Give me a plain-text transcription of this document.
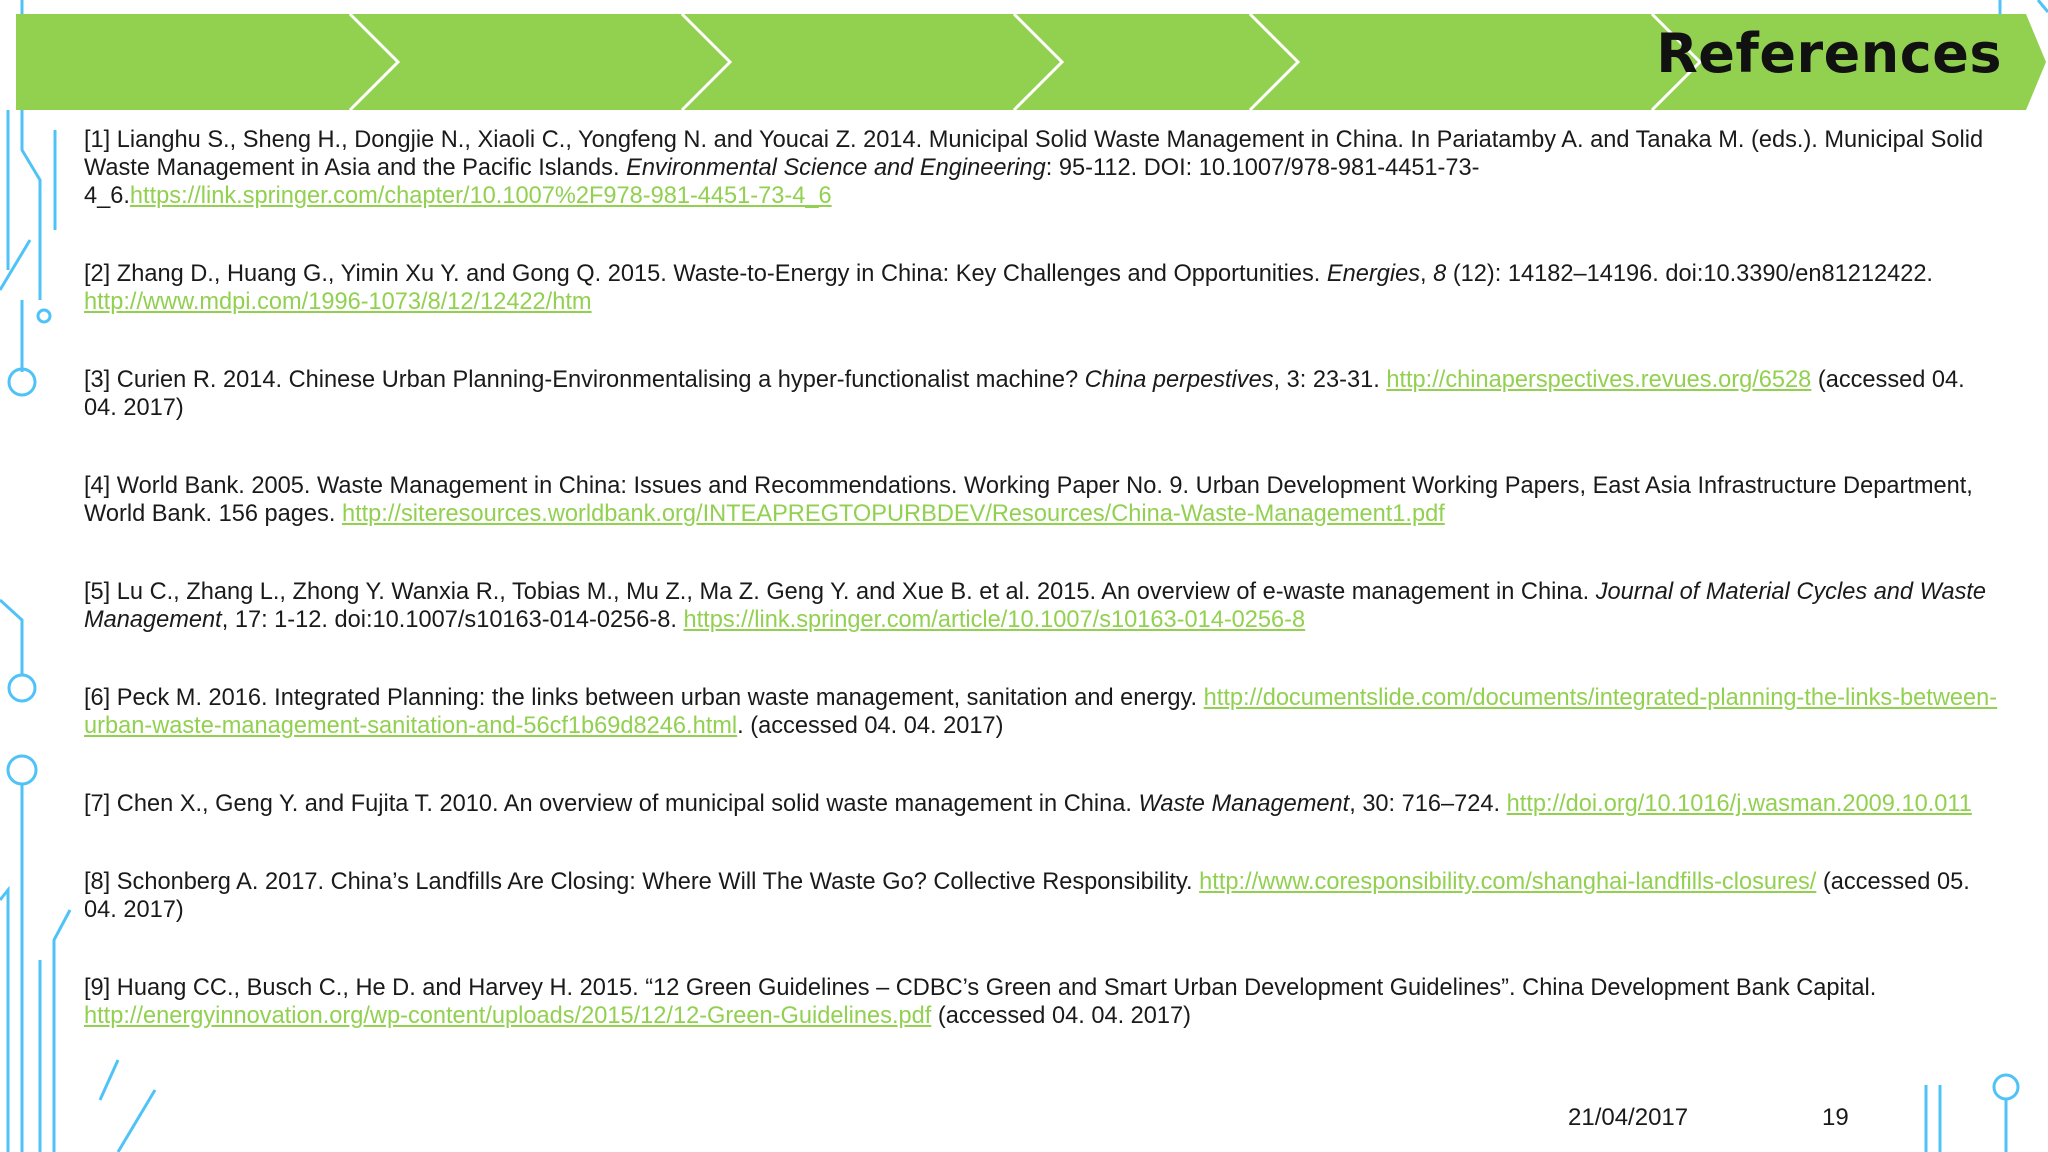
References
[1] Lianghu S., Sheng H., Dongjie N., Xiaoli C., Yongfeng N. and Youcai Z. 2014. Municipal Solid Waste Management in China. In Pariatamby A. and Tanaka M. (eds.). Municipal Solid Waste Management in Asia and the Pacific Islands. Environmental Science and Engineering: 95-112. DOI: 10.1007/978-981-4451-73-4_6.https://link.springer.com/chapter/10.1007%2F978-981-4451-73-4_6
[2] Zhang D., Huang G., Yimin Xu Y. and Gong Q. 2015. Waste-to-Energy in China: Key Challenges and Opportunities. Energies, 8 (12): 14182–14196. doi:10.3390/en81212422. http://www.mdpi.com/1996-1073/8/12/12422/htm
[3] Curien R. 2014. Chinese Urban Planning-Environmentalising a hyper-functionalist machine? China perpestives, 3: 23-31. http://chinaperspectives.revues.org/6528 (accessed 04. 04. 2017)
[4] World Bank. 2005. Waste Management in China: Issues and Recommendations. Working Paper No. 9. Urban Development Working Papers, East Asia Infrastructure Department, World Bank. 156 pages. http://siteresources.worldbank.org/INTEAPREGTOPURBDEV/Resources/China-Waste-Management1.pdf
[5] Lu C., Zhang L., Zhong Y. Wanxia R., Tobias M., Mu Z., Ma Z. Geng Y. and Xue B. et al. 2015. An overview of e-waste management in China. Journal of Material Cycles and Waste Management, 17: 1-12. doi:10.1007/s10163-014-0256-8. https://link.springer.com/article/10.1007/s10163-014-0256-8
[6] Peck M. 2016. Integrated Planning: the links between urban waste management, sanitation and energy. http://documentslide.com/documents/integrated-planning-the-links-between-urban-waste-management-sanitation-and-56cf1b69d8246.html. (accessed 04. 04. 2017)
[7] Chen X., Geng Y. and Fujita T. 2010. An overview of municipal solid waste management in China. Waste Management, 30: 716–724. http://doi.org/10.1016/j.wasman.2009.10.011
[8] Schonberg A. 2017. China’s Landfills Are Closing: Where Will The Waste Go? Collective Responsibility. http://www.coresponsibility.com/shanghai-landfills-closures/ (accessed 05. 04. 2017)
[9] Huang CC., Busch C., He D. and Harvey H. 2015. “12 Green Guidelines – CDBC’s Green and Smart Urban Development Guidelines”. China Development Bank Capital. http://energyinnovation.org/wp-content/uploads/2015/12/12-Green-Guidelines.pdf (accessed 04. 04. 2017)
21/04/2017	19
